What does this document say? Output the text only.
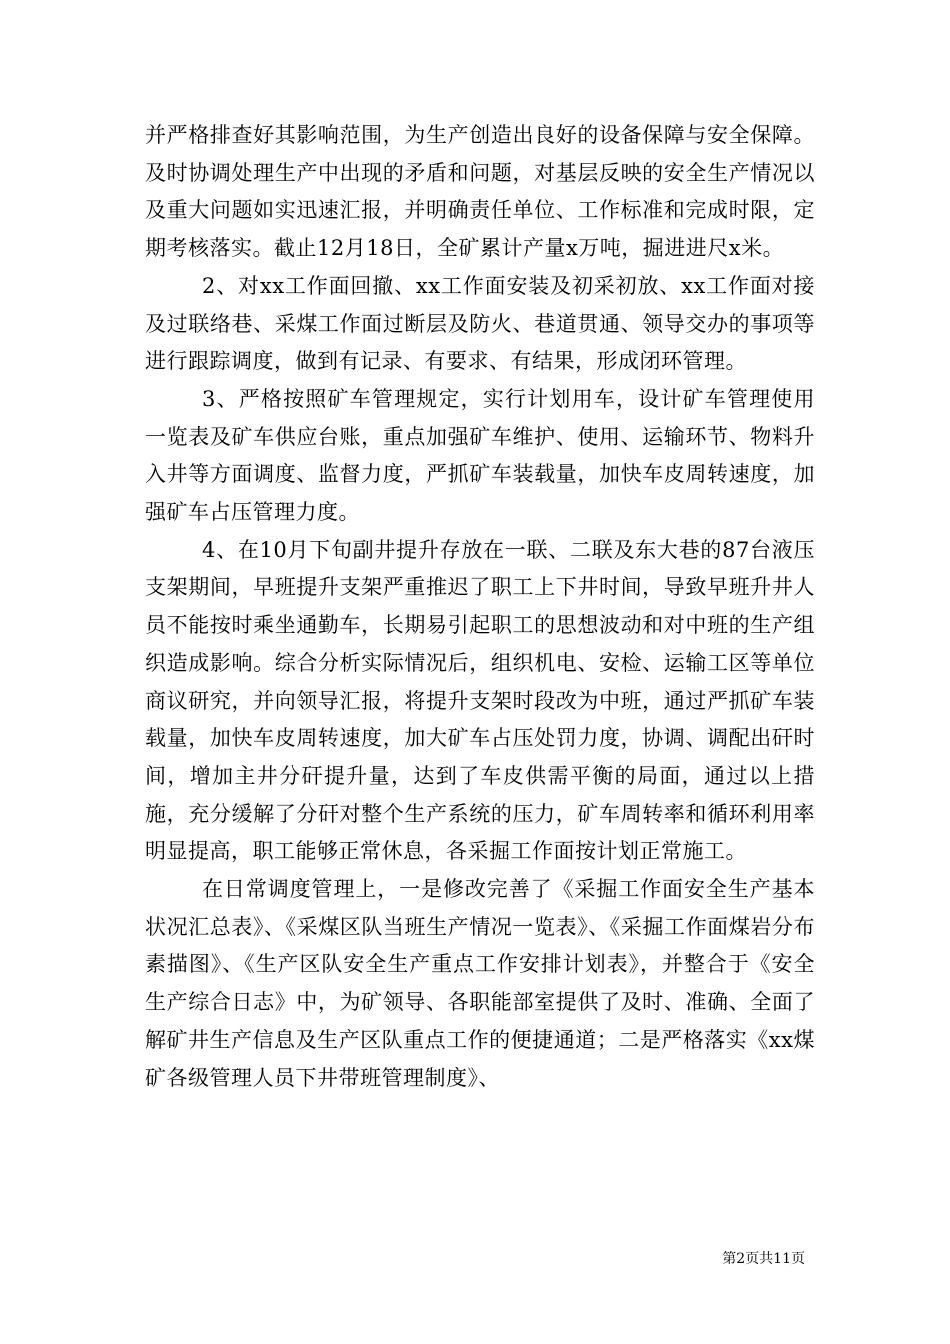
并严格排查好其影响范围，为生产创造出良好的设备保障与安全保障。及时协调处理生产中出现的矛盾和问题，对基层反映的安全生产情况以及重大问题如实迅速汇报，并明确责任单位、工作标准和完成时限，定期考核落实。截止12月18日，全矿累计产量x万吨，掘进进尺x米。

2、对xx工作面回撤、xx工作面安装及初采初放、xx工作面对接及过联络巷、采煤工作面过断层及防火、巷道贯通、领导交办的事项等进行跟踪调度，做到有记录、有要求、有结果，形成闭环管理。

3、严格按照矿车管理规定，实行计划用车，设计矿车管理使用一览表及矿车供应台账，重点加强矿车维护、使用、运输环节、物料升入井等方面调度、监督力度，严抓矿车装载量，加快车皮周转速度，加强矿车占压管理力度。

4、在10月下旬副井提升存放在一联、二联及东大巷的87台液压支架期间，早班提升支架严重推迟了职工上下井时间，导致早班升井人员不能按时乘坐通勤车，长期易引起职工的思想波动和对中班的生产组织造成影响。综合分析实际情况后，组织机电、安检、运输工区等单位商议研究，并向领导汇报，将提升支架时段改为中班，通过严抓矿车装载量，加快车皮周转速度，加大矿车占压处罚力度，协调、调配出矸时间，增加主井分矸提升量，达到了车皮供需平衡的局面，通过以上措施，充分缓解了分矸对整个生产系统的压力，矿车周转率和循环利用率明显提高，职工能够正常休息，各采掘工作面按计划正常施工。

在日常调度管理上，一是修改完善了《采掘工作面安全生产基本状况汇总表》、《采煤区队当班生产情况一览表》、《采掘工作面煤岩分布素描图》、《生产区队安全生产重点工作安排计划表》，并整合于《安全生产综合日志》中，为矿领导、各职能部室提供了及时、准确、全面了解矿井生产信息及生产区队重点工作的便捷通道；二是严格落实《xx煤矿各级管理人员下井带班管理制度》、

第2页共11页
